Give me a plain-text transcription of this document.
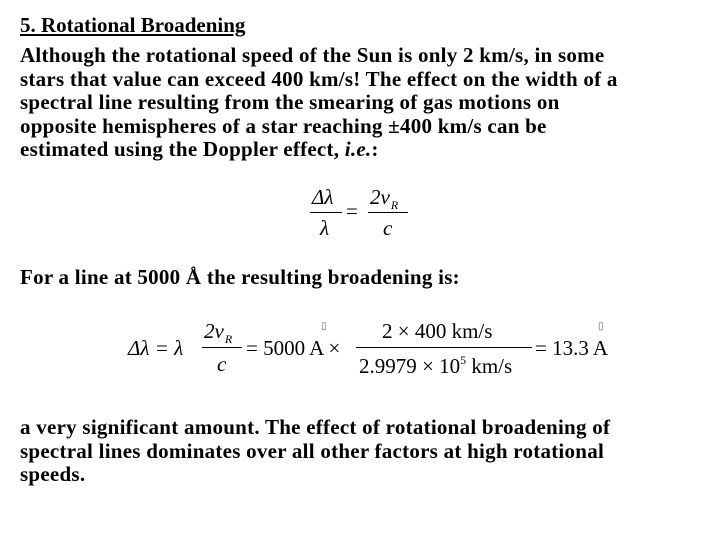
5. Rotational Broadening
Although the rotational speed of the Sun is only 2 km/s, in some
stars that value can exceed 400 km/s! The effect on the width of a
spectral line resulting from the smearing of gas motions on
opposite hemispheres of a star reaching ±400 km/s can be
estimated using the Doppler effect, i.e.:
Δλ
λ
=
$2v_R$
c
For a line at 5000 Å the resulting broadening is:
Δλ = λ
$2v_R$
c
= 5000 A ×
▯	2 × 400 km/s
$2.9979 \times 10^5$ km/s
= 13.3 A
▯
a very significant amount. The effect of rotational broadening of
spectral lines dominates over all other factors at high rotational
speeds.
